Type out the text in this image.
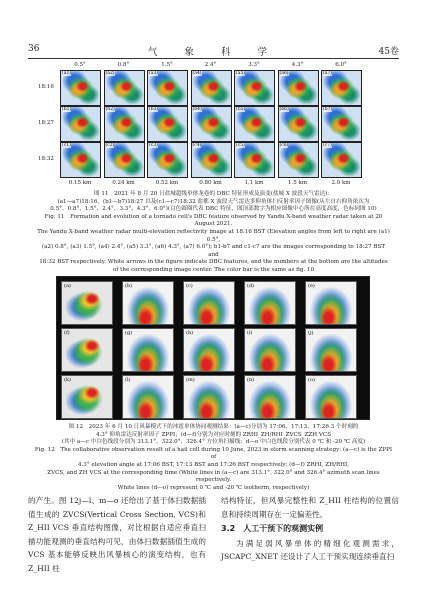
36	气 象 科 学	45卷
0.5°	0.8°	1.5°	2.4°	3.3°	4.3°	6.0°
18:16
18:27
18:32
(a1)	(a2)	(a3)	(a4)	(a5)	(a6)	(a7)
(b1)	(b2)	(b3)	(b4)	(b5)	(b6)	(b7)
(c1)	(c2)	(c3)	(c4)	(c5)	(c6)	(c7)
0.15 km	0.24 km	0.52 km	0.80 km	1.1 km	1.5 km	2.0 km

图 11　2021 年 8 月 20 日盐城超级单体龙卷的 DBC 特征形成及演变(盐城 X 波段天气雷达)：

(a1—a7)18:16，(b1—b7)18:27 以及(c1—c7)18:32 盐都 X 波段天气雷达多仰角体扫反射率因子图像(从左自右仰角依次为

0.5°、0.8°、1.5°、2.4°、3.3°、4.3°、6.0°)(白色圆圈代表 DBC 特征，图顶部数字为相应图像中心所在高度高度，色标同图 10)

Fig. 11　Formation and evolution of a tornado cell's DBC feature observed by Yandu X-band weather radar taken at 20 August 2021.

The Yandu X-band weather radar multi-elevation reflectivity image at 18:16 BST (Elevation angles from left to right are (a1) 0.5°,

(a2) 0.8°, (a3) 1.5°, (a4) 2.4°, (a5) 3.3°, (a6) 4.3°, (a7) 6.0°); b1-b7 and c1-c7 are the images corresponding to 18:27 BST and

18:32 BST respectively. White arrows in the figure indicate DBC features, and the numbers at the bottom are the altitudes

of the corresponding image center. The color bar is the same as fig. 10

(a)	(b)	(c)	(d)	(e)
(f)	(g)	(h)	(i)	(j)
(k)	(l)	(m)	(n)	(o)

图 12　2023 年 6 月 10 日风暴模式下的冰雹单体协同观测结果：(a—c)分别为 17:06、17:13、17:26 3 个时刻的

4.3° 仰角雷达反射率因子 ZPPI；(d—f)分别为对应时刻的 ZRHI_ZH/RHI_ZVCS_ZZH VCS

(其中 a—c 中白色线段分别为 313.1°、322.0°、326.4° 方位角扫描线；d—o 中白色线段分别代表 0 ℃ 和 -20 ℃ 高度)

Fig. 12　The collaborative observation result of a hail cell during 10 June, 2023 in storm scanning strategy: (a—c) is the ZPPI of

4.3° elevation angle at 17:06 BST, 17:13 BST and 17:26 BST respectively; (d—f) ZRHI, ZH/RHI,

ZVCS, and ZH VCS at the corresponding time (White lines in (a—c) are 313.1°, 322.0° and 326.4° azimuth scan lines respectively.

White lines (d—o) represent 0 ℃ and -20 ℃ isotherm, respectively)

的产生。图 12j—l、m—o 还给出了基于体扫数据插值生成的 ZVCS(Vertical Cross Section, VCS)和 Z_HII VCS 垂直结构图像，对比根据自适应垂直扫描功能观测的垂直结构可见，由体扫数据插值生成的 VCS 基本能够反映出风暴核心的演变结构，也有 Z_HII 柱

结构特征，但风暴完整性和 Z_HII 柱结构的位置信息和持续周期存在一定偏差性。

3.2　人工干预下的观测实例

为满足弱风暴单体的精细化观测需求，JSCAPC_XNET 还设计了人工干预实现连续垂直扫
